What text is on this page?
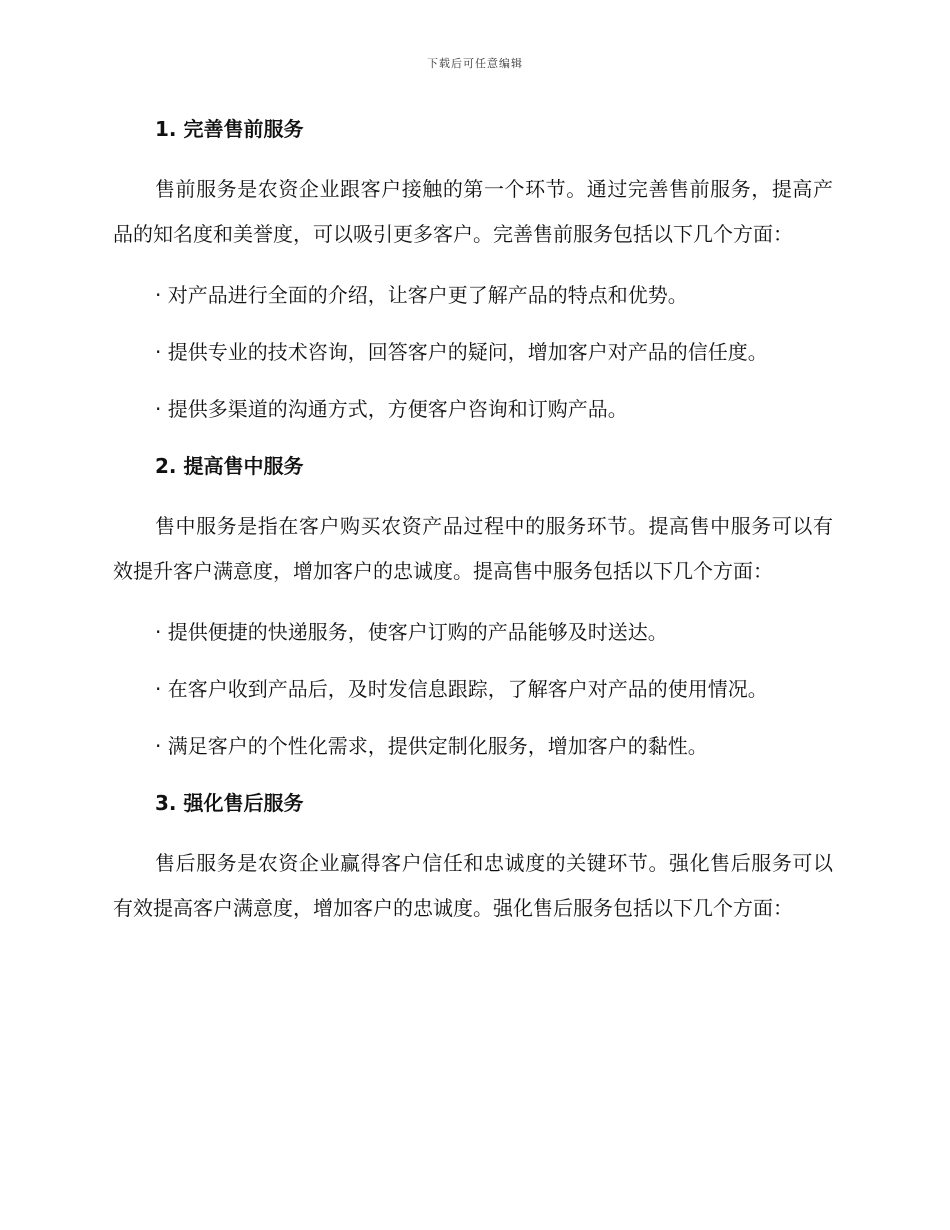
下载后可任意编辑
1. 完善售前服务

售前服务是农资企业跟客户接触的第一个环节。通过完善售前服务，提高产品的知名度和美誉度，可以吸引更多客户。完善售前服务包括以下几个方面：

· 对产品进行全面的介绍，让客户更了解产品的特点和优势。

· 提供专业的技术咨询，回答客户的疑问，增加客户对产品的信任度。

· 提供多渠道的沟通方式，方便客户咨询和订购产品。

2. 提高售中服务

售中服务是指在客户购买农资产品过程中的服务环节。提高售中服务可以有效提升客户满意度，增加客户的忠诚度。提高售中服务包括以下几个方面：

· 提供便捷的快递服务，使客户订购的产品能够及时送达。

· 在客户收到产品后，及时发信息跟踪，了解客户对产品的使用情况。

· 满足客户的个性化需求，提供定制化服务，增加客户的黏性。

3. 强化售后服务

售后服务是农资企业赢得客户信任和忠诚度的关键环节。强化售后服务可以有效提高客户满意度，增加客户的忠诚度。强化售后服务包括以下几个方面：
